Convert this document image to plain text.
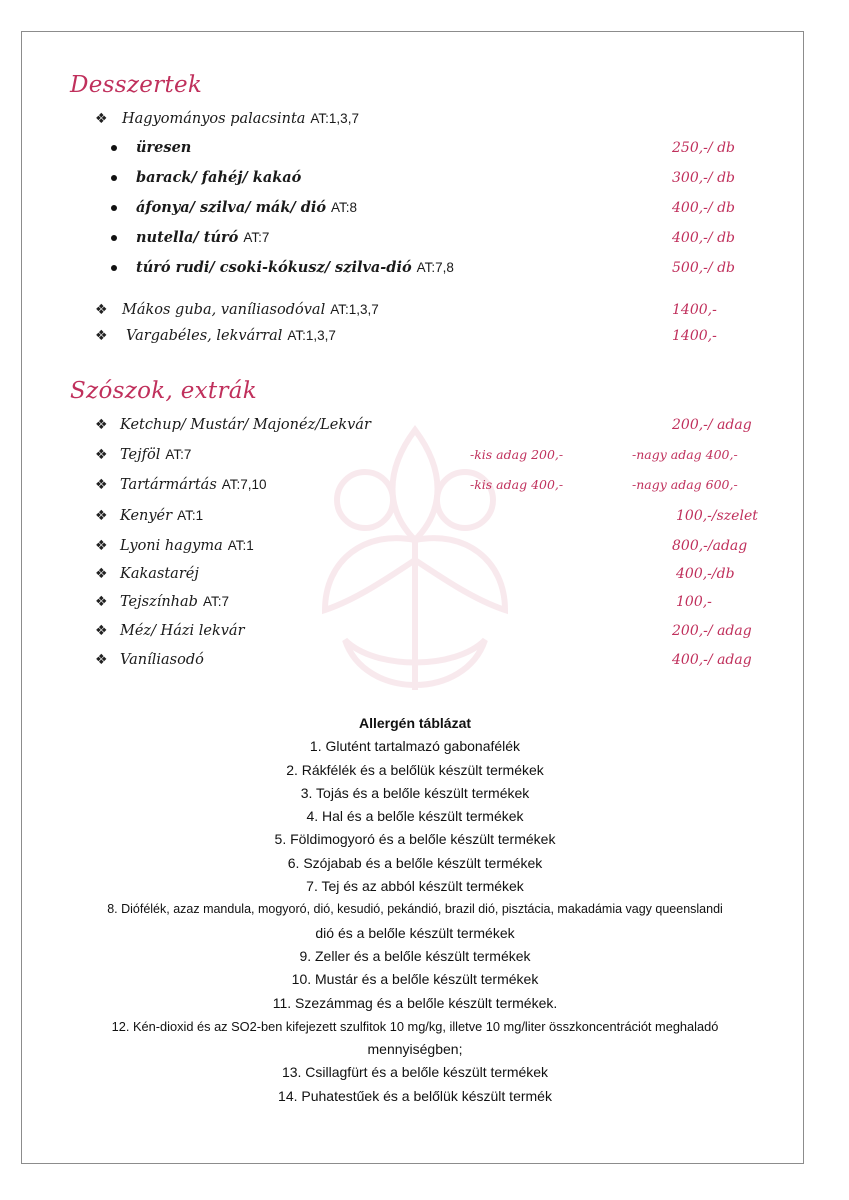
Desszertek
❖ Hagyományos palacsinta AT:1,3,7
üresen	250,-/ db
barack/ fahéj/ kakaó	300,-/ db
áfonya/ szilva/ mák/ dió AT:8	400,-/ db
nutella/ túró AT:7	400,-/ db
túró rudi/ csoki-kókusz/ szilva-dió AT:7,8	500,-/ db
❖ Mákos guba, vaníliasodóval AT:1,3,7	1400,-
❖ Vargabéles, lekvárral AT:1,3,7	1400,-
Szószok, extrák
❖ Ketchup/ Mustár/ Majonéz/Lekvár	200,-/ adag
❖ Tejföl AT:7	-kis adag 200,-	-nagy adag 400,-
❖ Tartármártás AT:7,10	-kis adag 400,-	-nagy adag 600,-
❖ Kenyér AT:1	100,-/szelet
❖ Lyoni hagyma AT:1	800,-/adag
❖ Kakastaréj	400,-/db
❖ Tejszínhab AT:7	100,-
❖ Méz/ Házi lekvár	200,-/ adag
❖ Vaníliasodó	400,-/ adag
Allergén táblázat
1. Glutént tartalmazó gabonafélék
2. Rákfélék és a belőlük készült termékek
3. Tojás és a belőle készült termékek
4. Hal és a belőle készült termékek
5. Földimogyoró és a belőle készült termékek
6. Szójabab és a belőle készült termékek
7. Tej és az abból készült termékek
8. Diófélék, azaz mandula, mogyoró, dió, kesudió, pekándió, brazil dió, pisztácia, makadámia vagy queenslandi
dió és a belőle készült termékek
9. Zeller és a belőle készült termékek
10. Mustár és a belőle készült termékek
11. Szezámmag és a belőle készült termékek.
12. Kén-dioxid és az SO2-ben kifejezett szulfitok 10 mg/kg, illetve 10 mg/liter összkoncentrációt meghaladó
mennyiségben;
13. Csillagfürt és a belőle készült termékek
14. Puhatestűek és a belőlük készült termék
